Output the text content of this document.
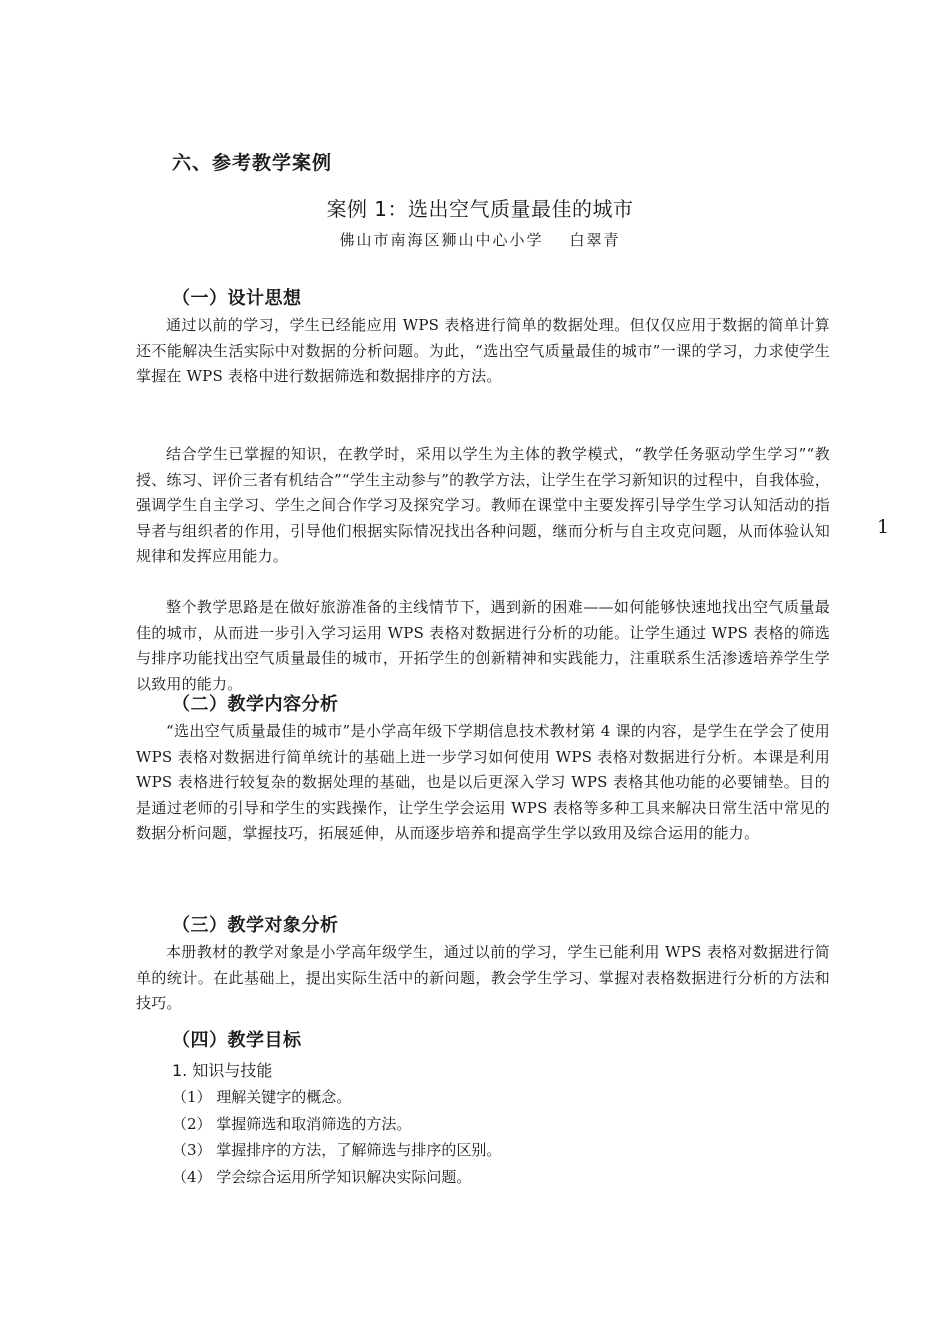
六、参考教学案例
案例 1：选出空气质量最佳的城市
佛山市南海区狮山中心小学 白翠青
（一）设计思想

通过以前的学习，学生已经能应用 WPS 表格进行简单的数据处理。但仅仅应用于数据的简单计算还不能解决生活实际中对数据的分析问题。为此，“选出空气质量最佳的城市”一课的学习，力求使学生掌握在 WPS 表格中进行数据筛选和数据排序的方法。

结合学生已掌握的知识，在教学时，采用以学生为主体的教学模式，“教学任务驱动学生学习”“教授、练习、评价三者有机结合”“学生主动参与”的教学方法，让学生在学习新知识的过程中，自我体验，强调学生自主学习、学生之间合作学习及探究学习。教师在课堂中主要发挥引导学生学习认知活动的指导者与组织者的作用，引导他们根据实际情况找出各种问题，继而分析与自主攻克问题，从而体验认知规律和发挥应用能力。

整个教学思路是在做好旅游准备的主线情节下，遇到新的困难——如何能够快速地找出空气质量最佳的城市，从而进一步引入学习运用 WPS 表格对数据进行分析的功能。让学生通过 WPS 表格的筛选与排序功能找出空气质量最佳的城市，开拓学生的创新精神和实践能力，注重联系生活渗透培养学生学以致用的能力。

（二）教学内容分析

“选出空气质量最佳的城市”是小学高年级下学期信息技术教材第 4 课的内容，是学生在学会了使用 WPS 表格对数据进行简单统计的基础上进一步学习如何使用 WPS 表格对数据进行分析。本课是利用 WPS 表格进行较复杂的数据处理的基础，也是以后更深入学习 WPS 表格其他功能的必要铺垫。目的是通过老师的引导和学生的实践操作，让学生学会运用 WPS 表格等多种工具来解决日常生活中常见的数据分析问题，掌握技巧，拓展延伸，从而逐步培养和提高学生学以致用及综合运用的能力。

（三）教学对象分析

本册教材的教学对象是小学高年级学生，通过以前的学习，学生已能利用 WPS 表格对数据进行简单的统计。在此基础上，提出实际生活中的新问题，教会学生学习、掌握对表格数据进行分析的方法和技巧。

（四）教学目标
1. 知识与技能
（1） 理解关键字的概念。
（2） 掌握筛选和取消筛选的方法。
（3） 掌握排序的方法，了解筛选与排序的区别。
（4） 学会综合运用所学知识解决实际问题。
1
